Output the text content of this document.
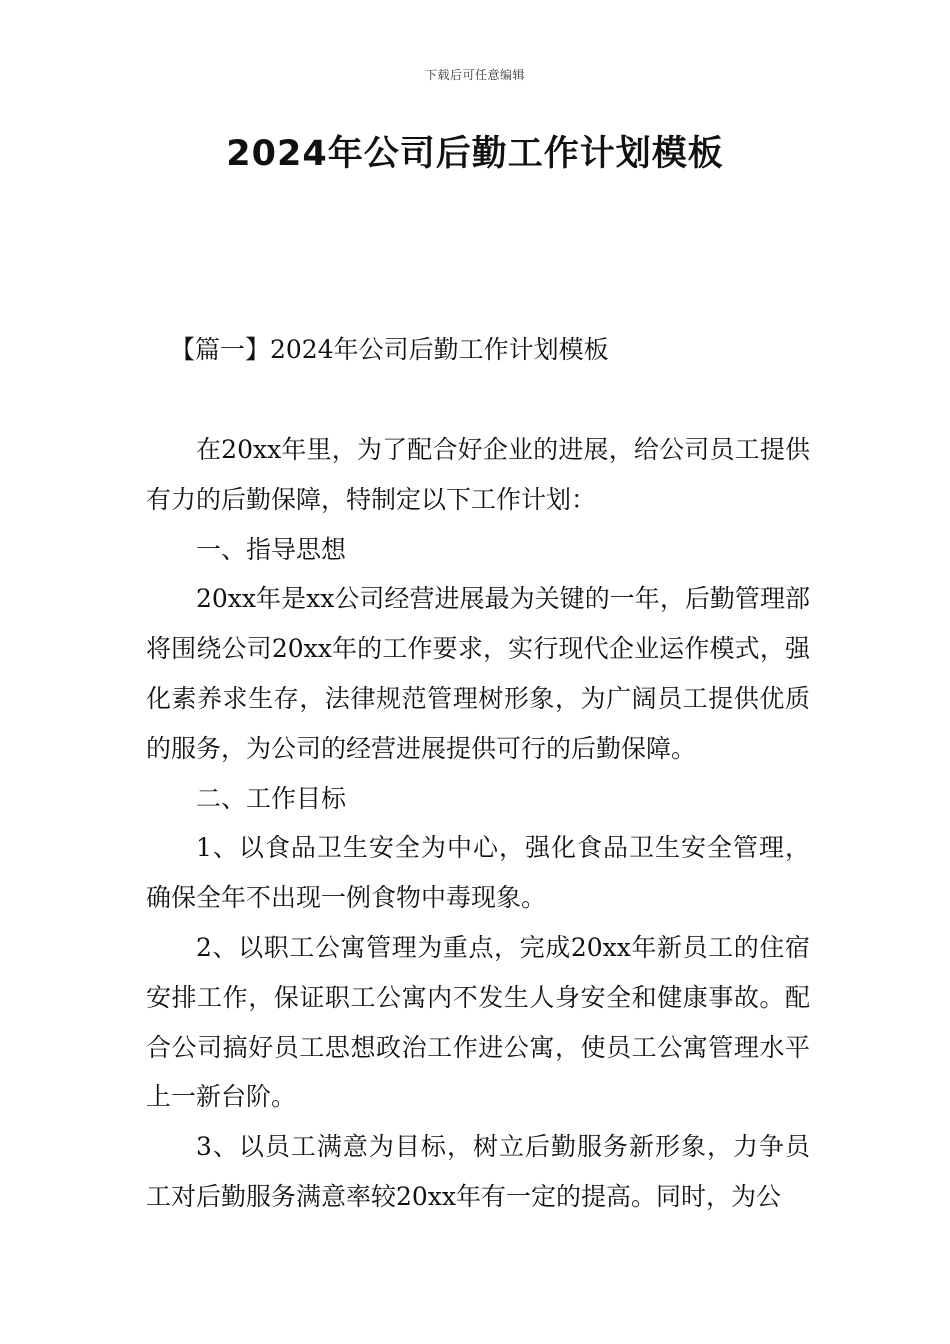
下载后可任意编辑
2024年公司后勤工作计划模板
【篇一】2024年公司后勤工作计划模板

在20xx年里，为了配合好企业的进展，给公司员工提供有力的后勤保障，特制定以下工作计划：

一、指导思想

20xx年是xx公司经营进展最为关键的一年，后勤管理部将围绕公司20xx年的工作要求，实行现代企业运作模式，强化素养求生存，法律规范管理树形象，为广阔员工提供优质的服务，为公司的经营进展提供可行的后勤保障。

二、工作目标

1、以食品卫生安全为中心，强化食品卫生安全管理，确保全年不出现一例食物中毒现象。

2、以职工公寓管理为重点，完成20xx年新员工的住宿安排工作，保证职工公寓内不发生人身安全和健康事故。配合公司搞好员工思想政治工作进公寓，使员工公寓管理水平上一新台阶。

3、以员工满意为目标，树立后勤服务新形象，力争员工对后勤服务满意率较20xx年有一定的提高。同时，为公
